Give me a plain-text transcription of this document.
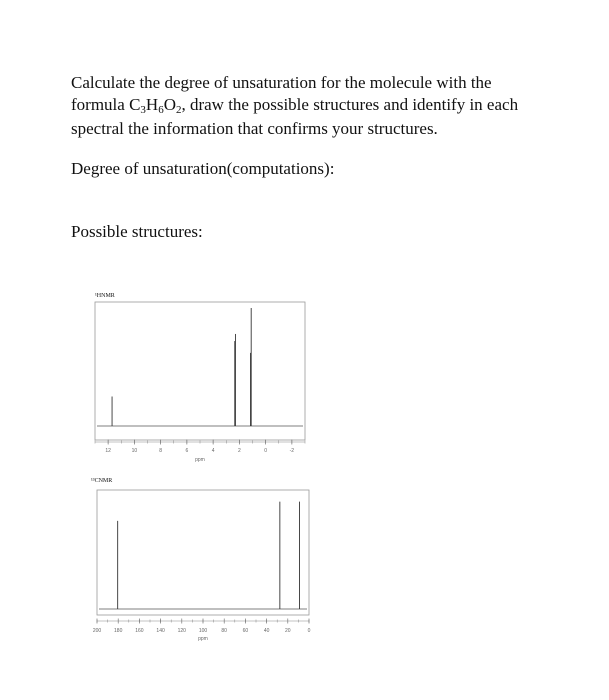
Calculate the degree of unsaturation for the molecule with the

formula C3H6O2, draw the possible structures and identify in each

spectral the information that confirms your structures.

Degree of unsaturation(computations):
Possible structures:
¹HNMR
12	10	8	6	4	2	0	-2
ppm
¹³CNMR
200	180	160	140	120	100	80	60	40	20	0
ppm
